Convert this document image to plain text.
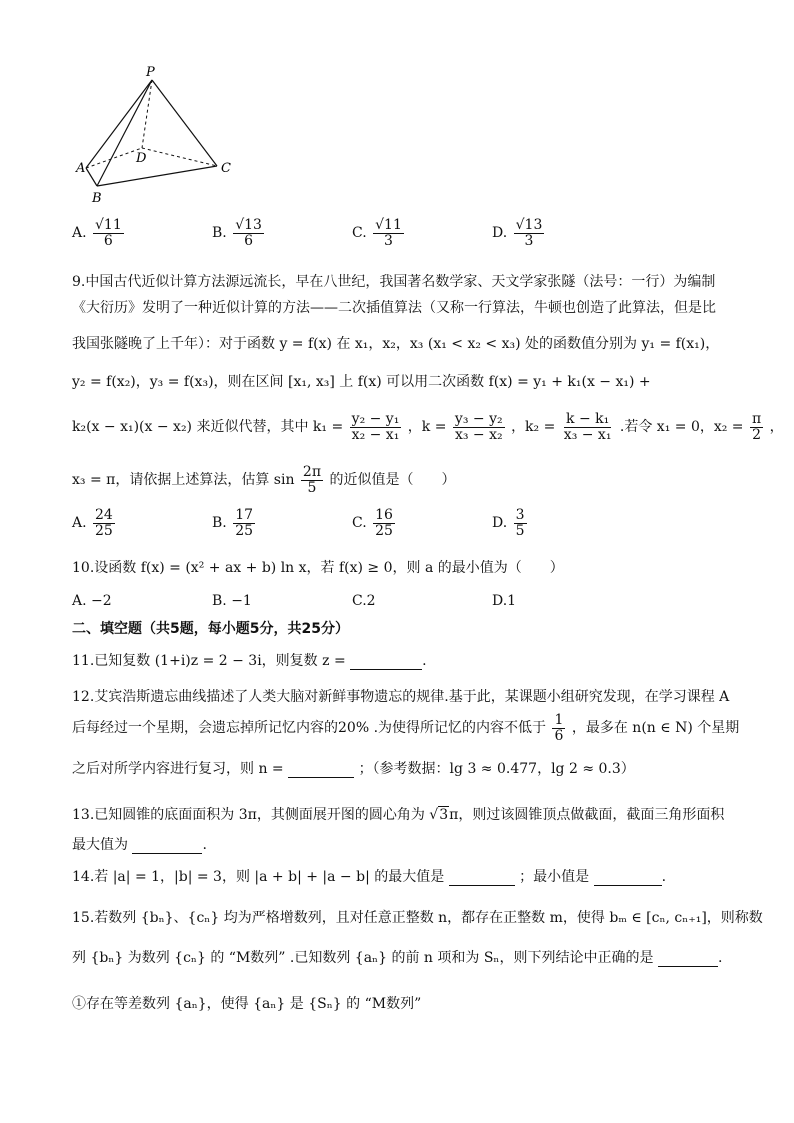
P
A
B
C
D
A. $\frac{√11}{6}$	B. $\frac{√13}{6}$	C. $\frac{√11}{3}$	D. $\frac{√13}{3}$
9.中国古代近似计算方法源远流长，早在八世纪，我国著名数学家、天文学家张隧（法号：一行）为编制
《大衍历》发明了一种近似计算的方法——二次插值算法（又称一行算法，牛顿也创造了此算法，但是比
我国张隧晚了上千年）：对于函数 y = f(x) 在 x₁，x₂，x₃ (x₁ < x₂ < x₃) 处的函数值分别为 y₁ = f(x₁)，
y₂ = f(x₂)，y₃ = f(x₃)，则在区间 [x₁, x₃] 上 f(x) 可以用二次函数 f(x) = y₁ + k₁(x − x₁) +
k₂(x − x₁)(x − x₂) 来近似代替，其中 $k_1 = \frac{\text{y₂ − y₁}}{\text{x₂ − x₁}}$ ，$k = \frac{\text{y₃ − y₂}}{\text{x₃ − x₂}}$ ，$k_2 = \frac{\text{k − k₁}}{\text{x₃ − x₁}}$ .若令 x₁ = 0，$x_2 = \frac{\pi}{2}$ ，
x₃ = π，请依据上述算法，估算 $\sin \frac{2\pi}{5}$ 的近似值是（　　）
A. $\frac{24}{25}$	B. $\frac{17}{25}$	C. $\frac{16}{25}$	D. $\frac{3}{5}$
10.设函数 f(x) = (x² + ax + b) ln x，若 f(x) ≥ 0，则 a 的最小值为（　　）
A. −2	B. −1	C.2	D.1
二、填空题（共5题，每小题5分，共25分）
11.已知复数 (1+i)z = 2 − 3i，则复数 z =	.
12.艾宾浩斯遗忘曲线描述了人类大脑对新鲜事物遗忘的规律.基于此，某课题小组研究发现，在学习课程 A
后每经过一个星期，会遗忘掉所记忆内容的20% .为使得所记忆的内容不低于 $\frac{1}{6}$ ，最多在 n(n ∈ N) 个星期
之后对所学内容进行复习，则 n =	；（参考数据：lg 3 ≈ 0.477，lg 2 ≈ 0.3）
13.已知圆锥的底面面积为 3π，其侧面展开图的圆心角为 √3π，则过该圆锥顶点做截面，截面三角形面积
最大值为	.
14.若 |a| = 1，|b| = 3，则 |a + b| + |a − b| 的最大值是	；最小值是	.
15.若数列 {bₙ}、{cₙ} 均为严格增数列，且对任意正整数 n，都存在正整数 m，使得 bₘ ∈ [cₙ, cₙ₊₁]，则称数
列 {bₙ} 为数列 {cₙ} 的 “M数列” .已知数列 {aₙ} 的前 n 项和为 Sₙ，则下列结论中正确的是	.
①存在等差数列 {aₙ}，使得 {aₙ} 是 {Sₙ} 的 “M数列”
